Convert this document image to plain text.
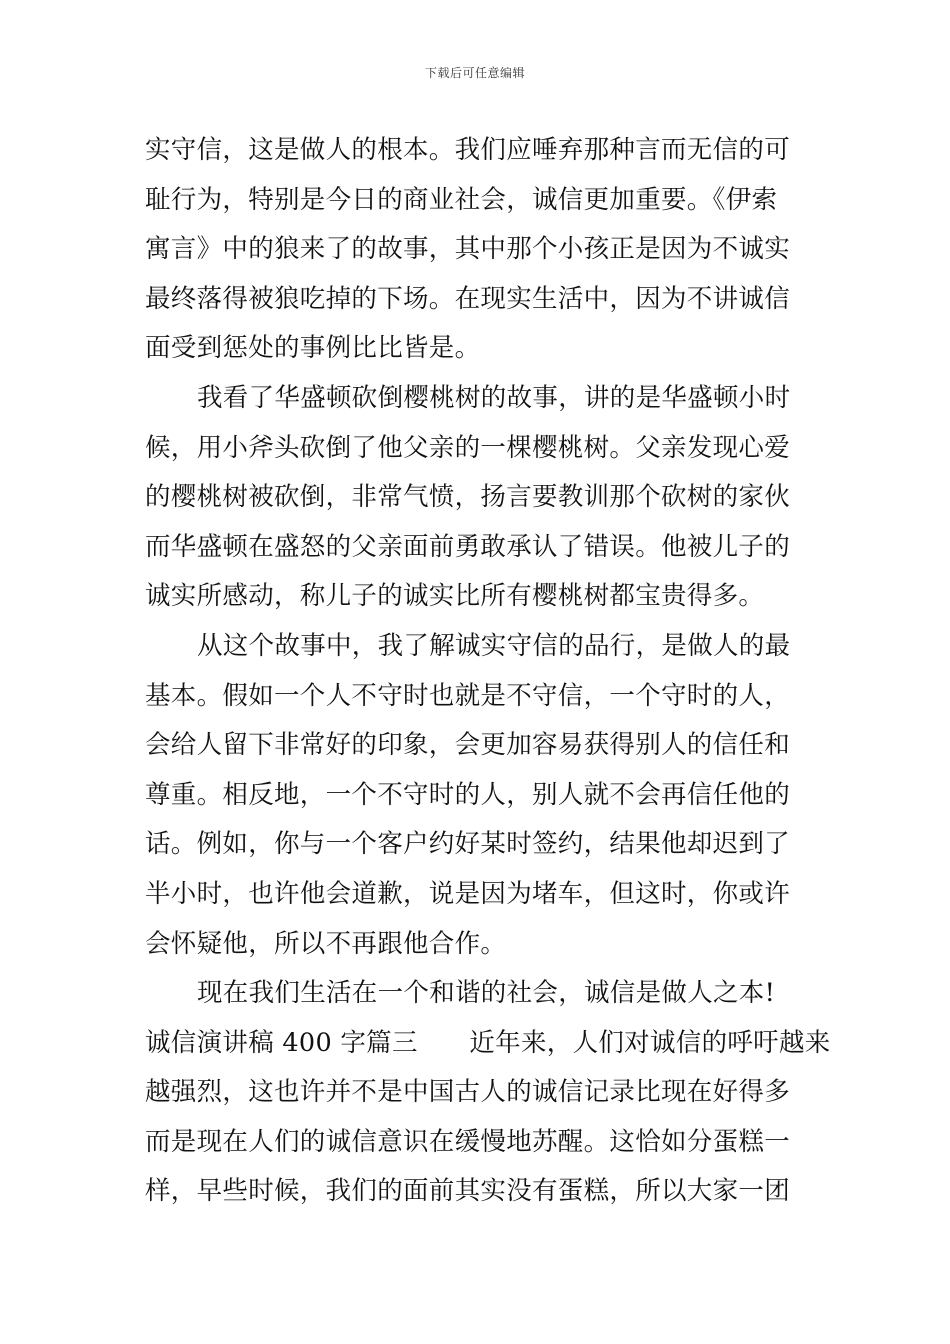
下载后可任意编辑
实守信，这是做人的根本。我们应唾弃那种言而无信的可
耻行为，特别是今日的商业社会，诚信更加重要。《伊索
寓言》中的狼来了的故事，其中那个小孩正是因为不诚实
最终落得被狼吃掉的下场。在现实生活中，因为不讲诚信
面受到惩处的事例比比皆是。
我看了华盛顿砍倒樱桃树的故事，讲的是华盛顿小时
候，用小斧头砍倒了他父亲的一棵樱桃树。父亲发现心爱
的樱桃树被砍倒，非常气愤，扬言要教训那个砍树的家伙
而华盛顿在盛怒的父亲面前勇敢承认了错误。他被儿子的
诚实所感动，称儿子的诚实比所有樱桃树都宝贵得多。
从这个故事中，我了解诚实守信的品行，是做人的最
基本。假如一个人不守时也就是不守信，一个守时的人，
会给人留下非常好的印象，会更加容易获得别人的信任和
尊重。相反地，一个不守时的人，别人就不会再信任他的
话。例如，你与一个客户约好某时签约，结果他却迟到了
半小时，也许他会道歉，说是因为堵车，但这时，你或许
会怀疑他，所以不再跟他合作。
现在我们生活在一个和谐的社会，诚信是做人之本!
诚信演讲稿 400 字篇三　　近年来，人们对诚信的呼吁越来
越强烈，这也许并不是中国古人的诚信记录比现在好得多
而是现在人们的诚信意识在缓慢地苏醒。这恰如分蛋糕一
样，早些时候，我们的面前其实没有蛋糕，所以大家一团
